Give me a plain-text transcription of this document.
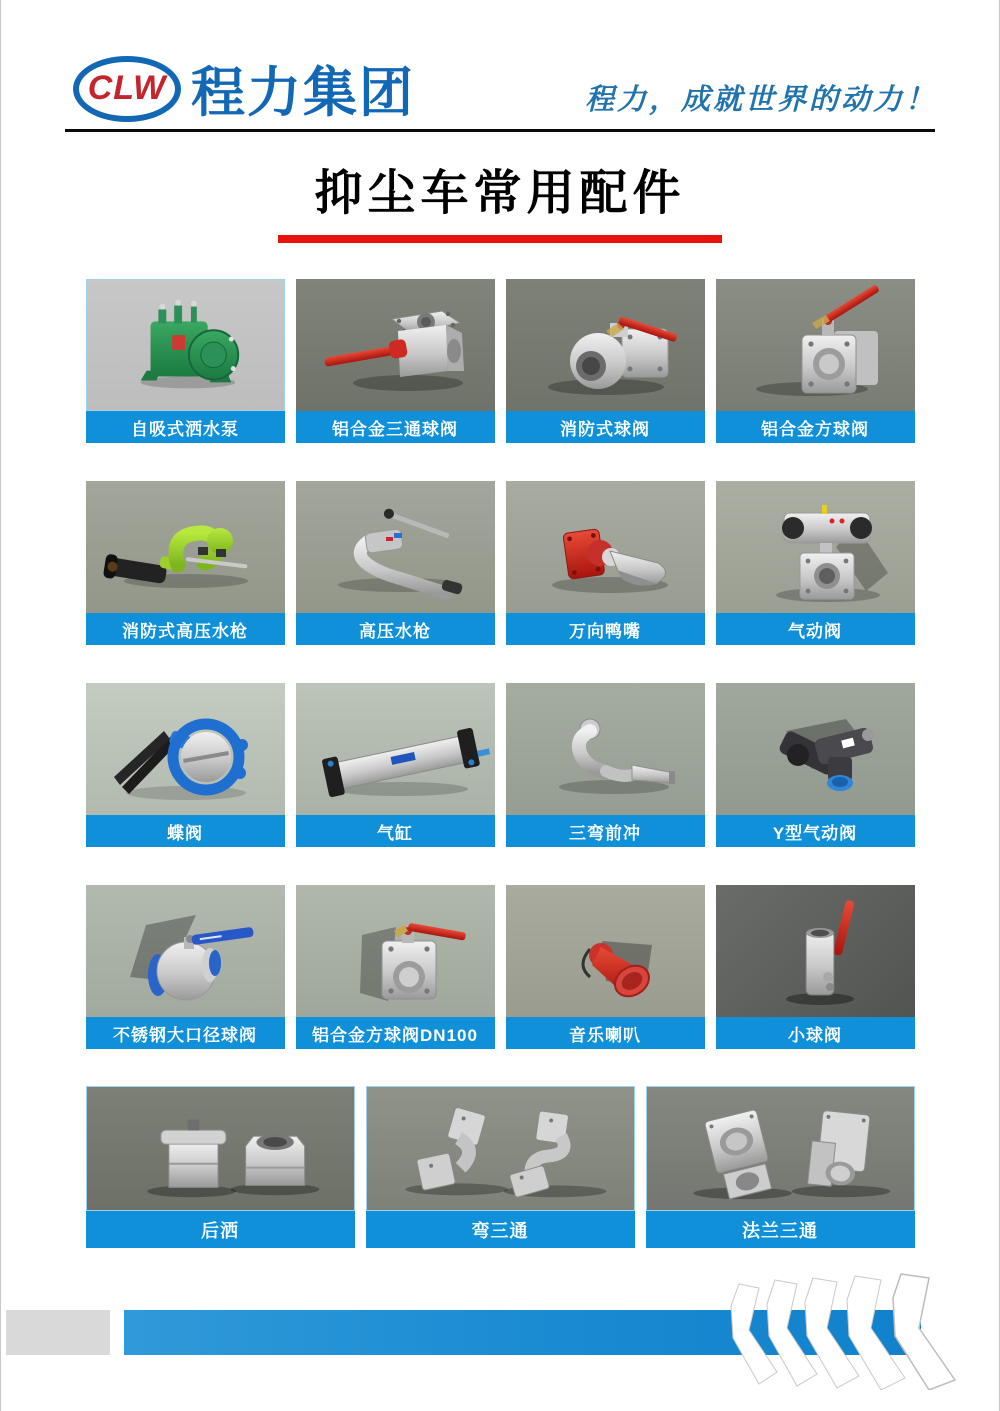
CLW 程力集团	程力，成就世界的动力！
抑尘车常用配件
自吸式洒水泵	铝合金三通球阀	消防式球阀	铝合金方球阀
消防式高压水枪	高压水枪	万向鸭嘴	气动阀
蝶阀	气缸	三弯前冲	Y型气动阀
不锈钢大口径球阀	铝合金方球阀DN100	音乐喇叭	小球阀
后洒	弯三通	法兰三通
